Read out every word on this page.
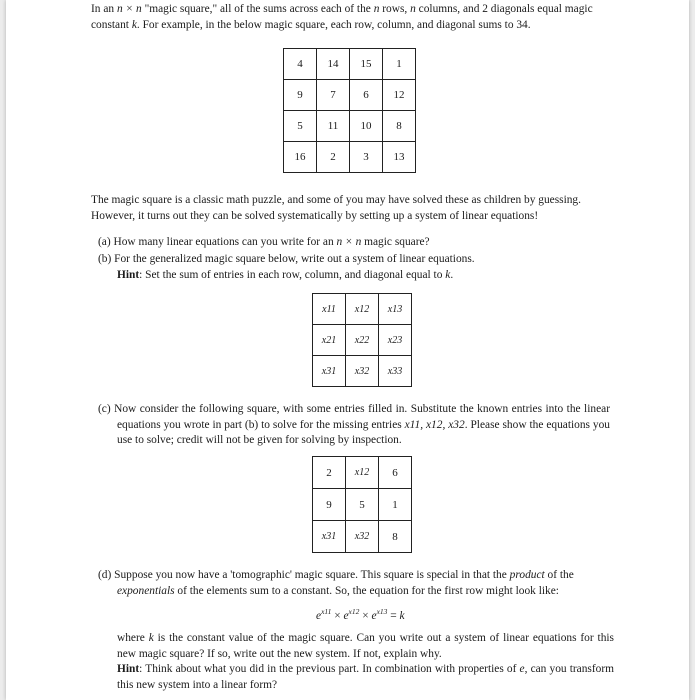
In an n × n "magic square," all of the sums across each of the n rows, n columns, and 2 diagonals equal magic constant k. For example, in the below magic square, each row, column, and diagonal sums to 34.
4	14	15	1
9	7	6	12
5	11	10	8
16	2	3	13
The magic square is a classic math puzzle, and some of you may have solved these as children by guessing. However, it turns out they can be solved systematically by setting up a system of linear equations!
(a) How many linear equations can you write for an n × n magic square?
(b) For the generalized magic square below, write out a system of linear equations.
Hint: Set the sum of entries in each row, column, and diagonal equal to k.
x11	x12	x13
x21	x22	x23
x31	x32	x33
(c) Now consider the following square, with some entries filled in. Substitute the known entries into the linear equations you wrote in part (b) to solve for the missing entries x11, x12, x32. Please show the equations you use to solve; credit will not be given for solving by inspection.
2	x12	6
9	5	1
x31	x32	8
(d) Suppose you now have a 'tomographic' magic square. This square is special in that the product of the exponentials of the elements sum to a constant. So, the equation for the first row might look like:
$e^{x11} \times e^{x12} \times e^{x13} = k$
where k is the constant value of the magic square. Can you write out a system of linear equations for this new magic square? If so, write out the new system. If not, explain why.
Hint: Think about what you did in the previous part. In combination with properties of e, can you transform this new system into a linear form?
